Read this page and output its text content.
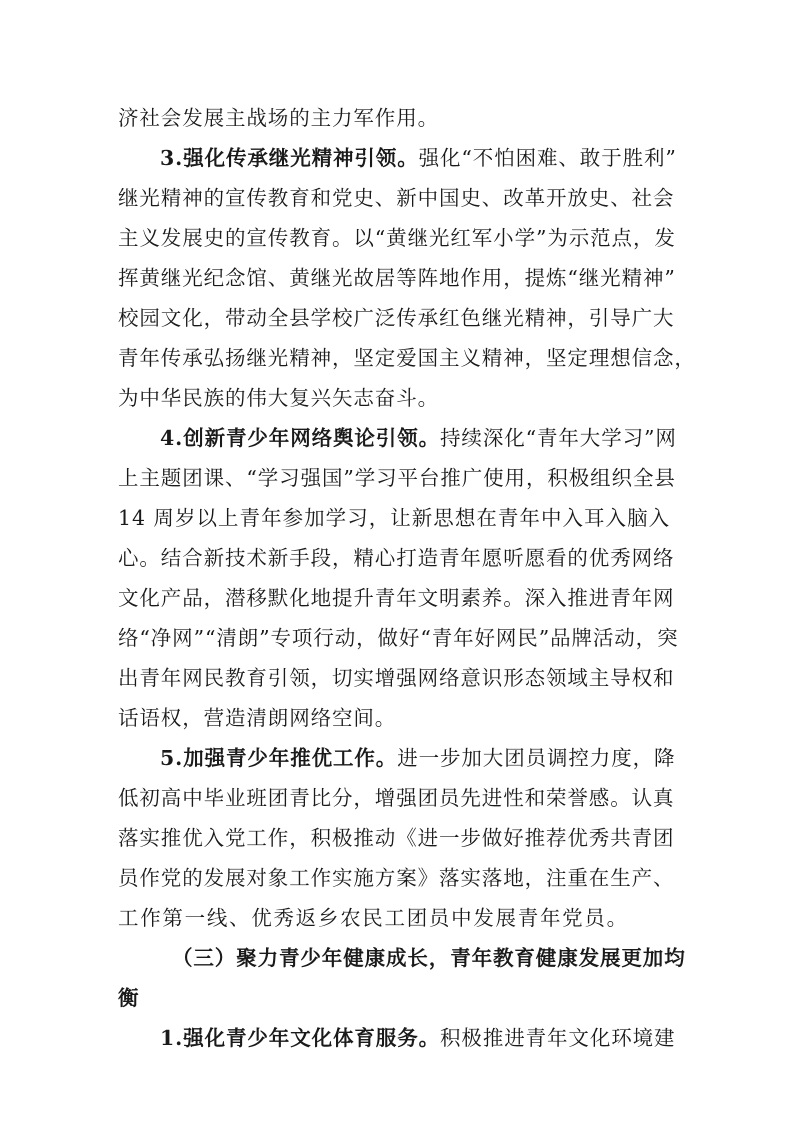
济社会发展主战场的主力军作用。
3.强化传承继光精神引领。强化“不怕困难、敢于胜利”
继光精神的宣传教育和党史、新中国史、改革开放史、社会
主义发展史的宣传教育。以“黄继光红军小学”为示范点，发
挥黄继光纪念馆、黄继光故居等阵地作用，提炼“继光精神”
校园文化，带动全县学校广泛传承红色继光精神，引导广大
青年传承弘扬继光精神，坚定爱国主义精神，坚定理想信念，
为中华民族的伟大复兴矢志奋斗。
4.创新青少年网络舆论引领。持续深化“青年大学习”网
上主题团课、“学习强国”学习平台推广使用，积极组织全县
14 周岁以上青年参加学习，让新思想在青年中入耳入脑入
心。结合新技术新手段，精心打造青年愿听愿看的优秀网络
文化产品，潜移默化地提升青年文明素养。深入推进青年网
络“净网”“清朗”专项行动，做好“青年好网民”品牌活动，突
出青年网民教育引领，切实增强网络意识形态领域主导权和
话语权，营造清朗网络空间。
5.加强青少年推优工作。进一步加大团员调控力度，降
低初高中毕业班团青比分，增强团员先进性和荣誉感。认真
落实推优入党工作，积极推动《进一步做好推荐优秀共青团
员作党的发展对象工作实施方案》落实落地，注重在生产、
工作第一线、优秀返乡农民工团员中发展青年党员。
（三）聚力青少年健康成长，青年教育健康发展更加均
衡
1.强化青少年文化体育服务。积极推进青年文化环境建
